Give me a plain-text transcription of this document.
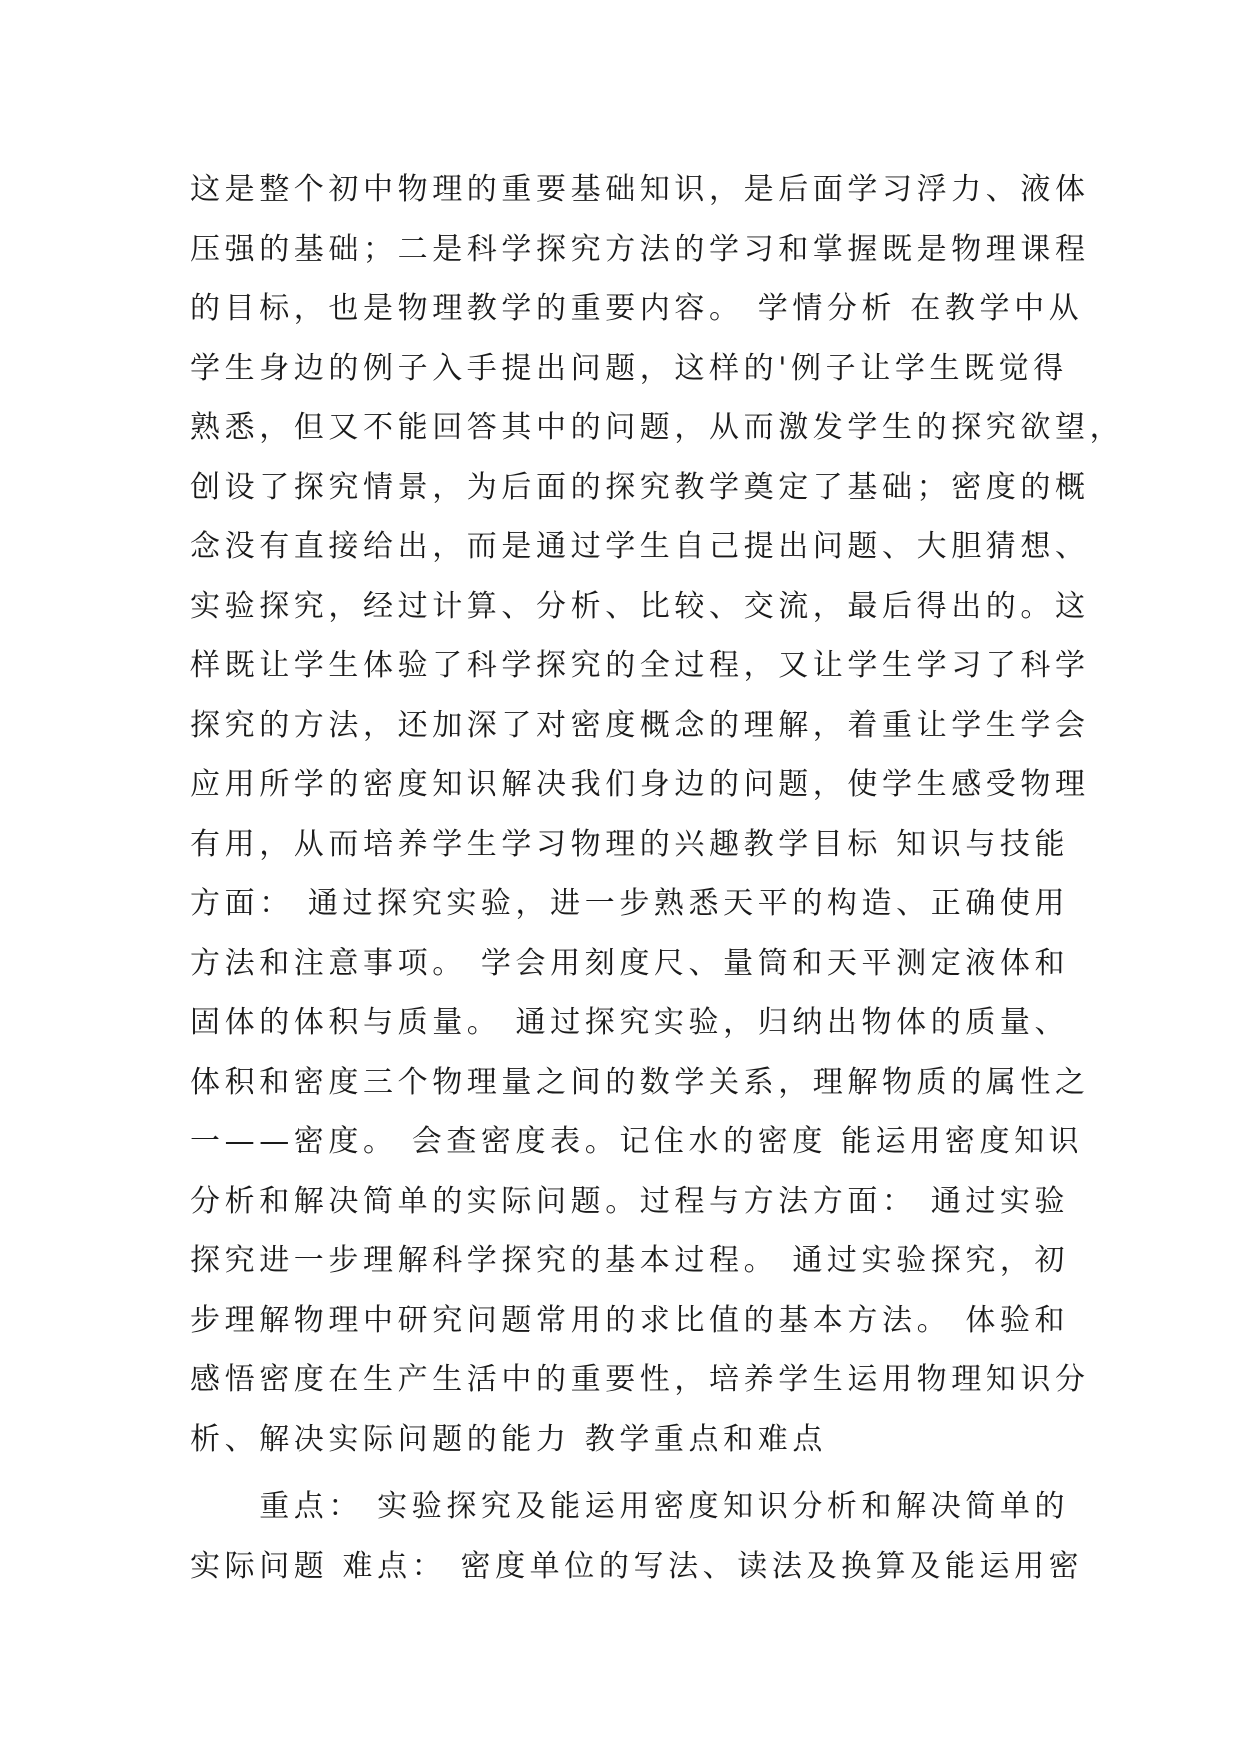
这是整个初中物理的重要基础知识，是后面学习浮力、液体
压强的基础；二是科学探究方法的学习和掌握既是物理课程
的目标，也是物理教学的重要内容。 学情分析 在教学中从
学生身边的例子入手提出问题，这样的'例子让学生既觉得
熟悉，但又不能回答其中的问题，从而激发学生的探究欲望，
创设了探究情景，为后面的探究教学奠定了基础；密度的概
念没有直接给出，而是通过学生自己提出问题、大胆猜想、
实验探究，经过计算、分析、比较、交流，最后得出的。这
样既让学生体验了科学探究的全过程，又让学生学习了科学
探究的方法，还加深了对密度概念的理解，着重让学生学会
应用所学的密度知识解决我们身边的问题，使学生感受物理
有用，从而培养学生学习物理的兴趣教学目标 知识与技能
方面： 通过探究实验，进一步熟悉天平的构造、正确使用
方法和注意事项。 学会用刻度尺、量筒和天平测定液体和
固体的体积与质量。 通过探究实验，归纳出物体的质量、
体积和密度三个物理量之间的数学关系，理解物质的属性之
一——密度。 会查密度表。记住水的密度 能运用密度知识
分析和解决简单的实际问题。过程与方法方面： 通过实验
探究进一步理解科学探究的基本过程。 通过实验探究，初
步理解物理中研究问题常用的求比值的基本方法。 体验和
感悟密度在生产生活中的重要性，培养学生运用物理知识分
析、解决实际问题的能力 教学重点和难点
　　重点： 实验探究及能运用密度知识分析和解决简单的
实际问题 难点： 密度单位的写法、读法及换算及能运用密
